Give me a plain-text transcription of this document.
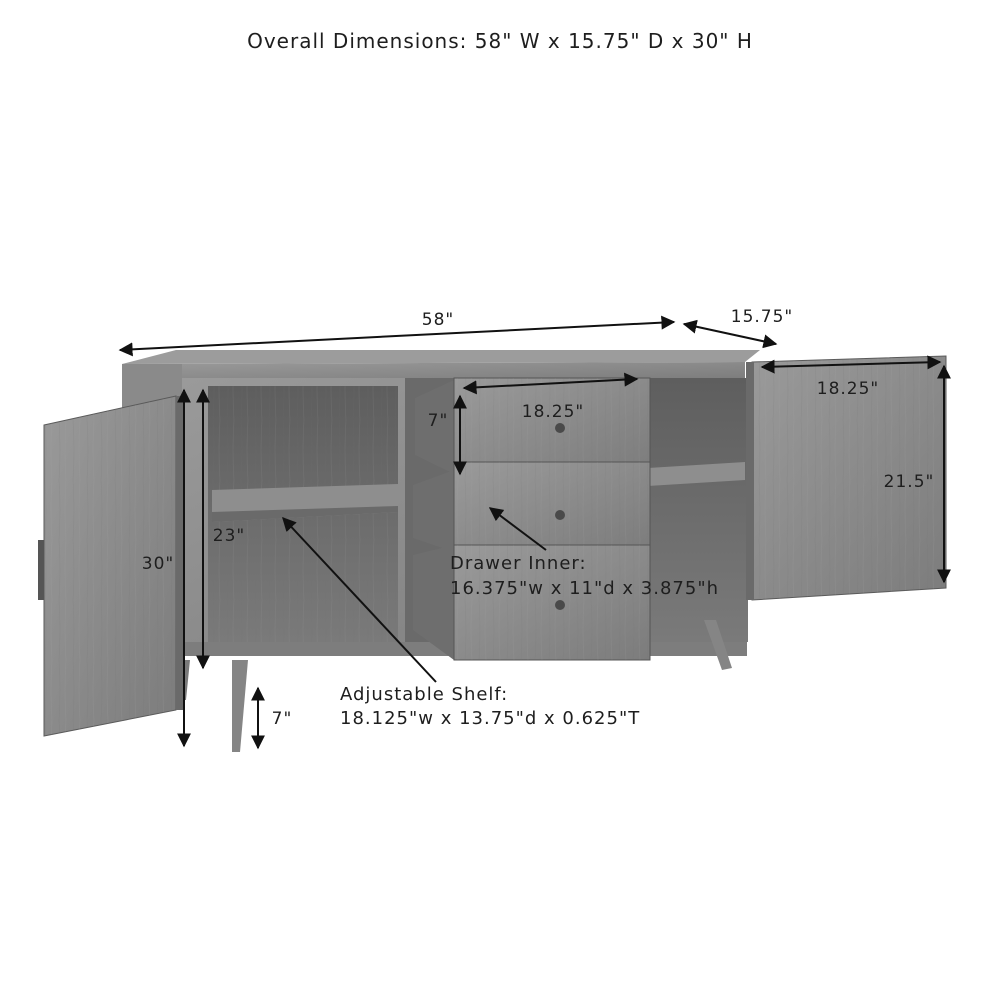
Overall Dimensions: 58" W x 15.75" D x 30" H
58"	15.75"
30"
23"
7"
18.25"
7"
18.25"
21.5"
Drawer Inner:
16.375"w x 11"d x 3.875"h
Adjustable Shelf:
18.125"w x 13.75"d x 0.625"T
